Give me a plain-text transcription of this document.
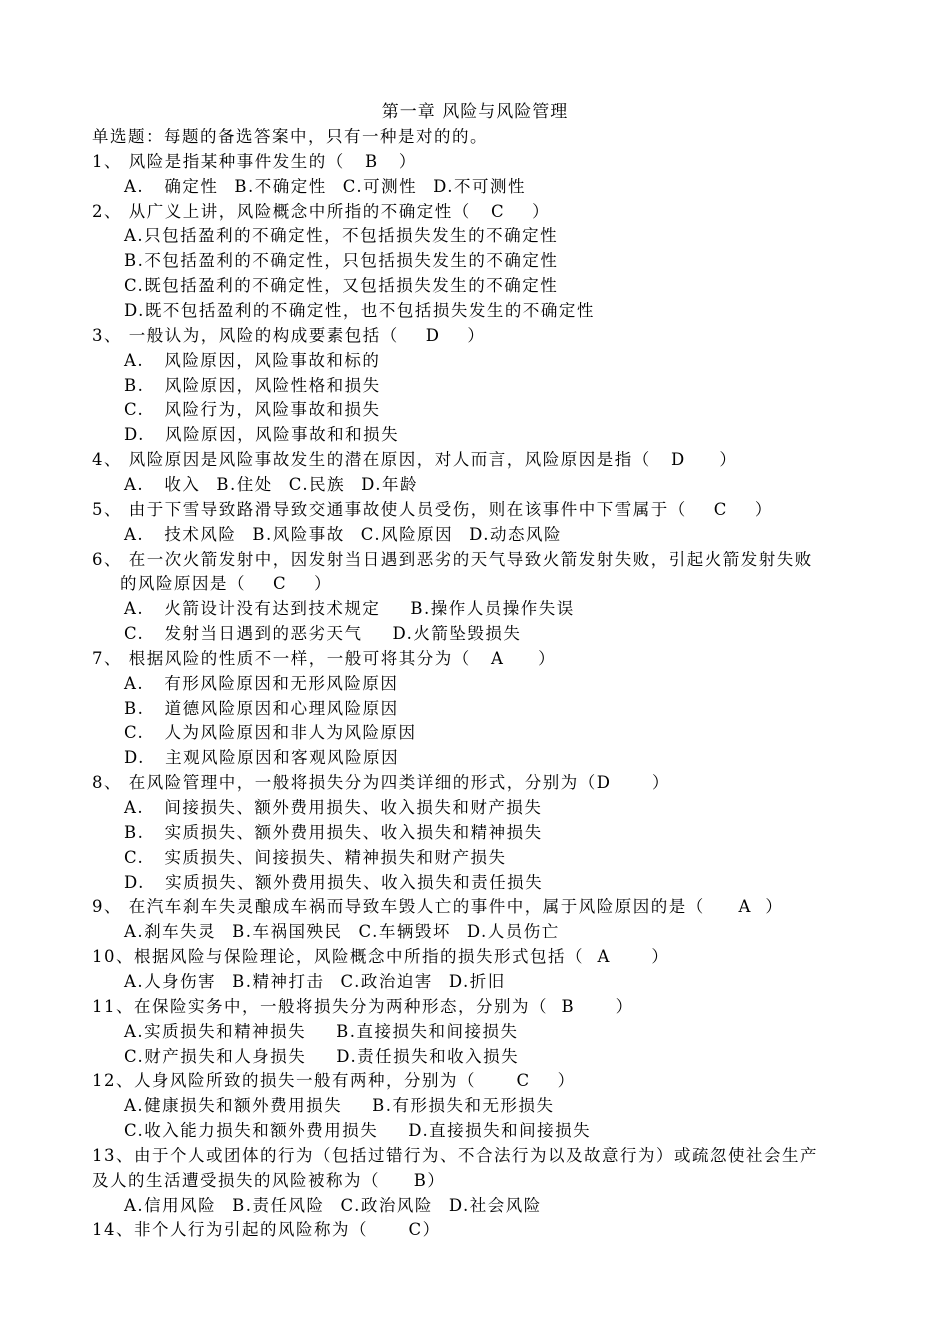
第一章 风险与风险管理
单选题：每题的备选答案中，只有一种是对的的。
1、 风险是指某种事件发生的（   B   ）
A.   确定性 B.不确定性 C.可测性 D.不可测性
2、 从广义上讲，风险概念中所指的不确定性（   C    ）
A.只包括盈利的不确定性，不包括损失发生的不确定性
B.不包括盈利的不确定性，只包括损失发生的不确定性
C.既包括盈利的不确定性，又包括损失发生的不确定性
D.既不包括盈利的不确定性，也不包括损失发生的不确定性
3、 一般认为，风险的构成要素包括（    D    ）
A.   风险原因，风险事故和标的
B.   风险原因，风险性格和损失
C.   风险行为，风险事故和损失
D.   风险原因，风险事故和和损失
4、 风险原因是风险事故发生的潜在原因，对人而言，风险原因是指（   D     ）
A.   收入 B.住处 C.民族 D.年龄
5、 由于下雪导致路滑导致交通事故使人员受伤，则在该事件中下雪属于（    C    ）
A.   技术风险 B.风险事故 C.风险原因 D.动态风险
6、 在一次火箭发射中，因发射当日遇到恶劣的天气导致火箭发射失败，引起火箭发射失败
的风险原因是（    C    ）
A.   火箭设计没有达到技术规定 B.操作人员操作失误
C.   发射当日遇到的恶劣天气 D.火箭坠毁损失
7、 根据风险的性质不一样，一般可将其分为（   A     ）
A.   有形风险原因和无形风险原因
B.   道德风险原因和心理风险原因
C.   人为风险原因和非人为风险原因
D.   主观风险原因和客观风险原因
8、 在风险管理中，一般将损失分为四类详细的形式，分别为（D      ）
A.   间接损失、额外费用损失、收入损失和财产损失
B.   实质损失、额外费用损失、收入损失和精神损失
C.   实质损失、间接损失、精神损失和财产损失
D.   实质损失、额外费用损失、收入损失和责任损失
9、 在汽车刹车失灵酿成车祸而导致车毁人亡的事件中，属于风险原因的是（     A  ）
A.刹车失灵 B.车祸国殃民 C.车辆毁坏 D.人员伤亡
10、根据风险与保险理论，风险概念中所指的损失形式包括（  A      ）
A.人身伤害 B.精神打击 C.政治迫害 D.折旧
11、在保险实务中，一般将损失分为两种形态，分别为（  B      ）
A.实质损失和精神损失 B.直接损失和间接损失
C.财产损失和人身损失 D.责任损失和收入损失
12、人身风险所致的损失一般有两种，分别为（      C    ）
A.健康损失和额外费用损失 B.有形损失和无形损失
C.收入能力损失和额外费用损失 D.直接损失和间接损失
13、由于个人或团体的行为（包括过错行为、不合法行为以及故意行为）或疏忽使社会生产
及人的生活遭受损失的风险被称为（     B）
A.信用风险 B.责任风险 C.政治风险 D.社会风险
14、非个人行为引起的风险称为（      C）
